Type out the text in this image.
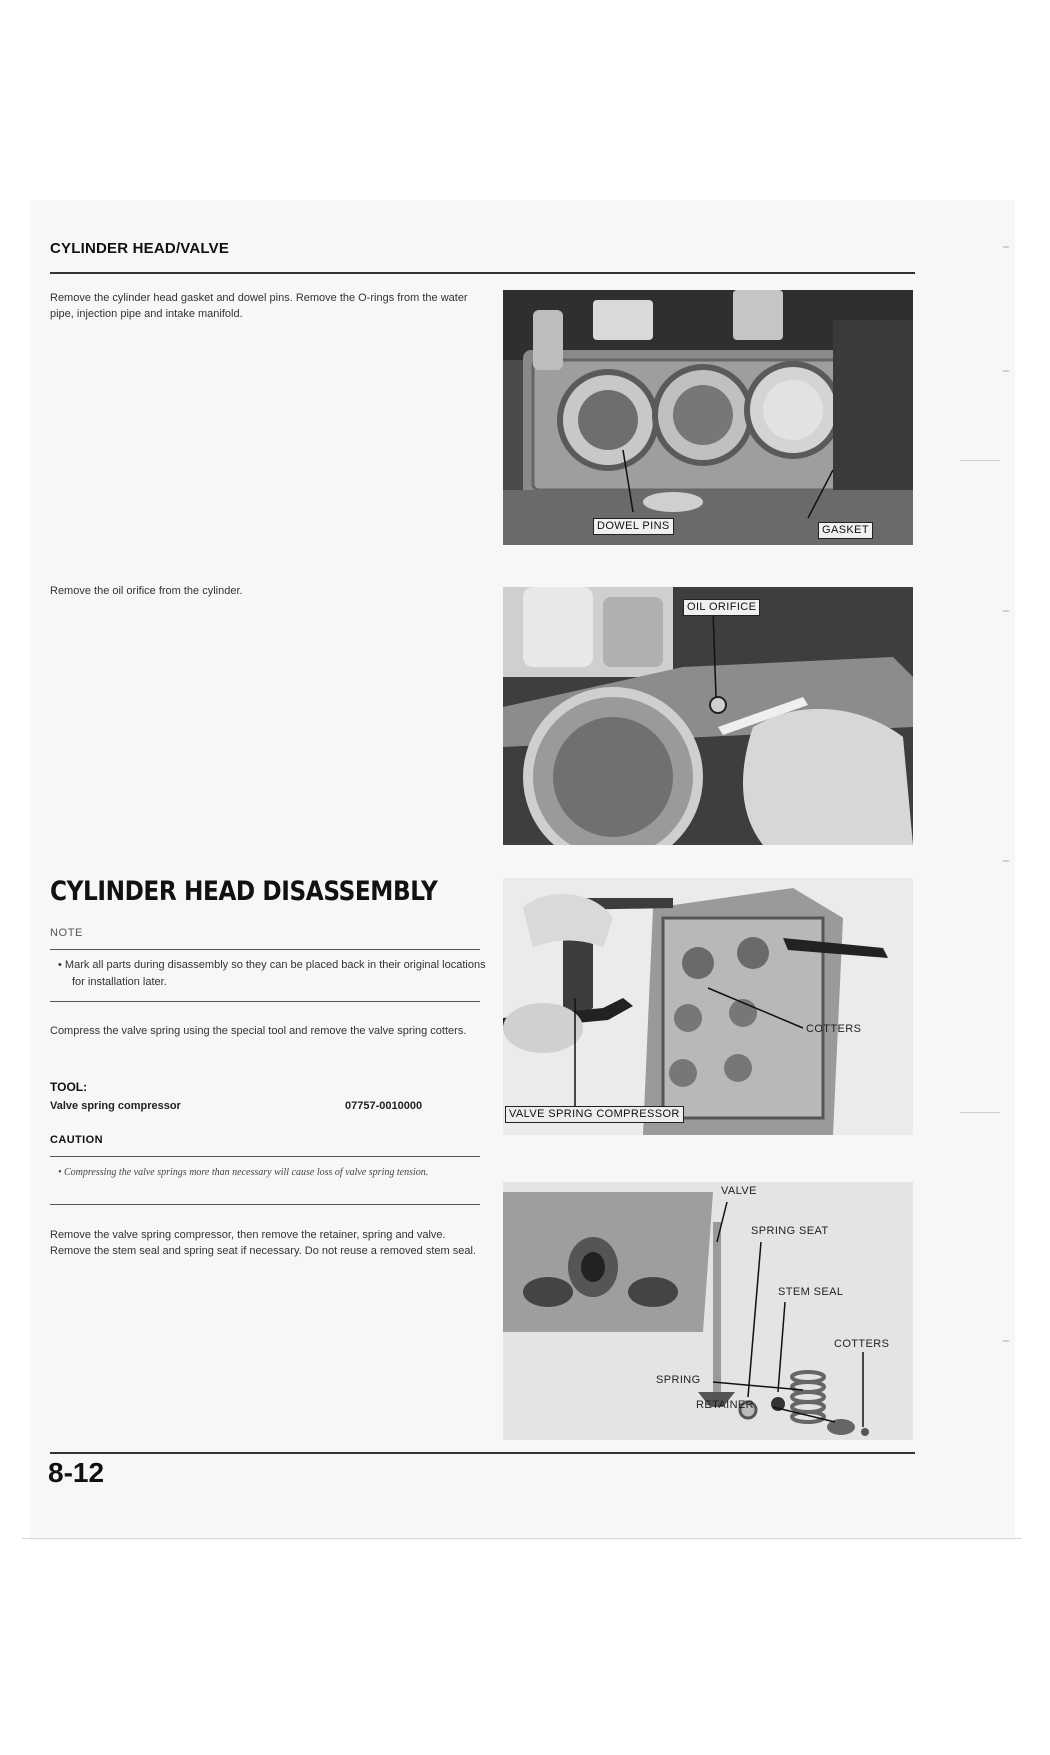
CYLINDER HEAD/VALVE
Remove the cylinder head gasket and dowel pins. Remove the O-rings from the water pipe, injection pipe and intake manifold.
DOWEL PINS	GASKET
Remove the oil orifice from the cylinder.
OIL ORIFICE
CYLINDER HEAD DISASSEMBLY
NOTE
• Mark all parts during disassembly so they can be placed back in their original locations for installation later.
Compress the valve spring using the special tool and remove the valve spring cotters.
TOOL:
Valve spring compressor	07757-0010000
CAUTION
• Compressing the valve springs more than necessary will cause loss of valve spring tension.
Remove the valve spring compressor, then remove the retainer, spring and valve. Remove the stem seal and spring seat if necessary. Do not reuse a removed stem seal.
COTTERS
VALVE SPRING COMPRESSOR
VALVE
SPRING SEAT
STEM SEAL
COTTERS
SPRING
RETAINER
8-12
